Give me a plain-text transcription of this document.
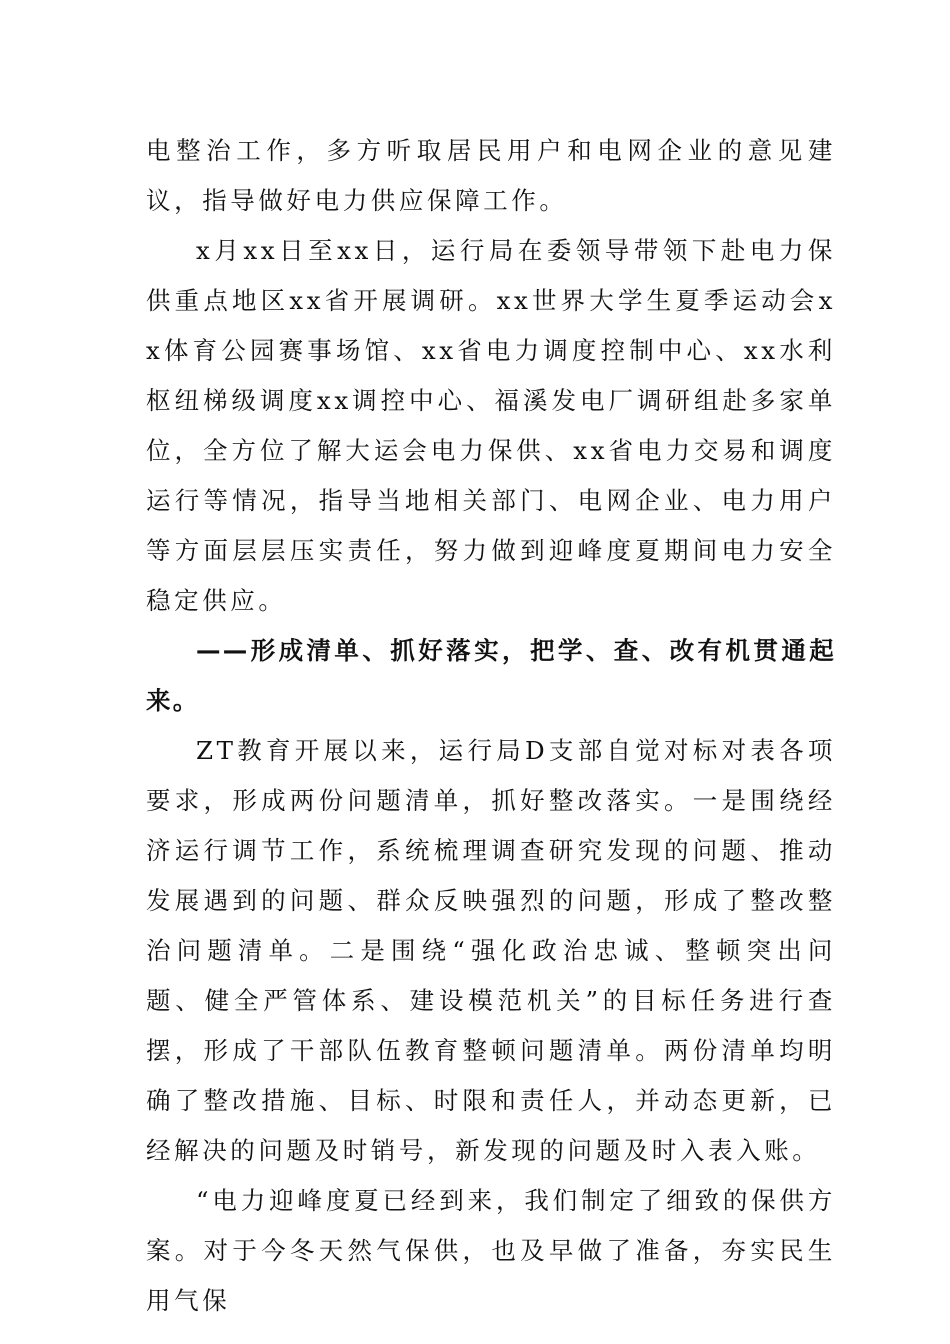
电整治工作，多方听取居民用户和电网企业的意见建议，指导做好电力供应保障工作。

x月xx日至xx日，运行局在委领导带领下赴电力保供重点地区xx省开展调研。xx世界大学生夏季运动会xx体育公园赛事场馆、xx省电力调度控制中心、xx水利枢纽梯级调度xx调控中心、福溪发电厂调研组赴多家单位，全方位了解大运会电力保供、xx省电力交易和调度运行等情况，指导当地相关部门、电网企业、电力用户等方面层层压实责任，努力做到迎峰度夏期间电力安全稳定供应。

——形成清单、抓好落实，把学、查、改有机贯通起来。

ZT教育开展以来，运行局D支部自觉对标对表各项要求，形成两份问题清单，抓好整改落实。一是围绕经济运行调节工作，系统梳理调查研究发现的问题、推动发展遇到的问题、群众反映强烈的问题，形成了整改整治问题清单。二是围绕“强化政治忠诚、整顿突出问题、健全严管体系、建设模范机关”的目标任务进行查摆，形成了干部队伍教育整顿问题清单。两份清单均明确了整改措施、目标、时限和责任人，并动态更新，已经解决的问题及时销号，新发现的问题及时入表入账。

“电力迎峰度夏已经到来，我们制定了细致的保供方案。对于今冬天然气保供，也及早做了准备，夯实民生用气保
